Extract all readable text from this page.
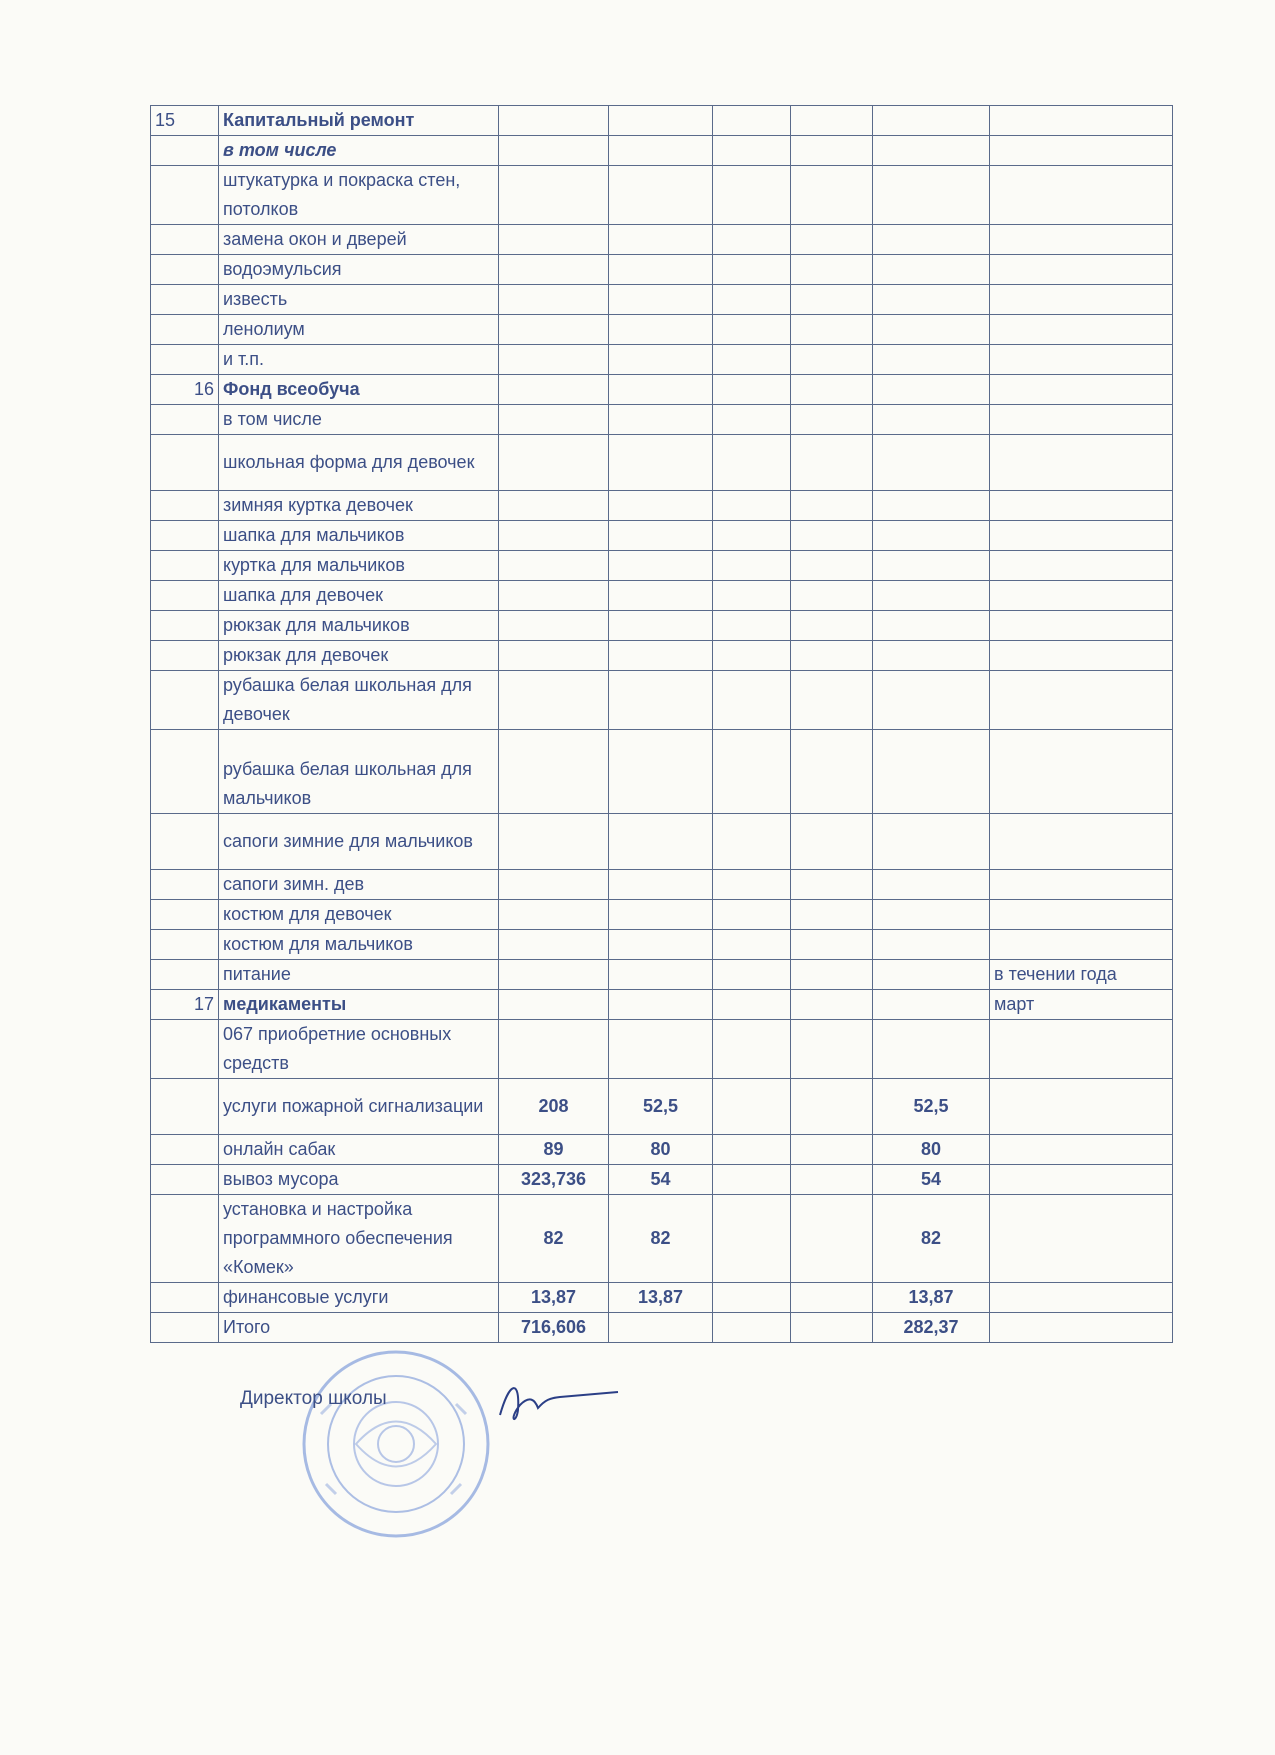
15	Капитальный ремонт						
	в том числе						
	штукатурка и покраска стен, потолков						
	замена окон и дверей						
	водоэмульсия						
	известь						
	ленолиум						
	и т.п.						
16	Фонд всеобуча						
	в том числе						
	школьная форма для девочек						
	зимняя куртка девочек						
	шапка для мальчиков						
	куртка для мальчиков						
	шапка для девочек						
	рюкзак для мальчиков						
	рюкзак для девочек						
	рубашка белая школьная для девочек						
	рубашка белая школьная для мальчиков						
	сапоги зимние для мальчиков						
	сапоги зимн. дев						
	костюм для девочек						
	костюм для мальчиков						
	питание						в течении года
17	медикаменты						март
	067 приобретние основных средств						
	услуги пожарной сигнализации	208	52,5			52,5	
	онлайн сабак	89	80			80	
	вывоз мусора	323,736	54			54	
	установка и настройка программного обеспечения «Комек»	82	82			82	
	финансовые услуги	13,87	13,87			13,87	
	Итого	716,606				282,37	
Директор школы
